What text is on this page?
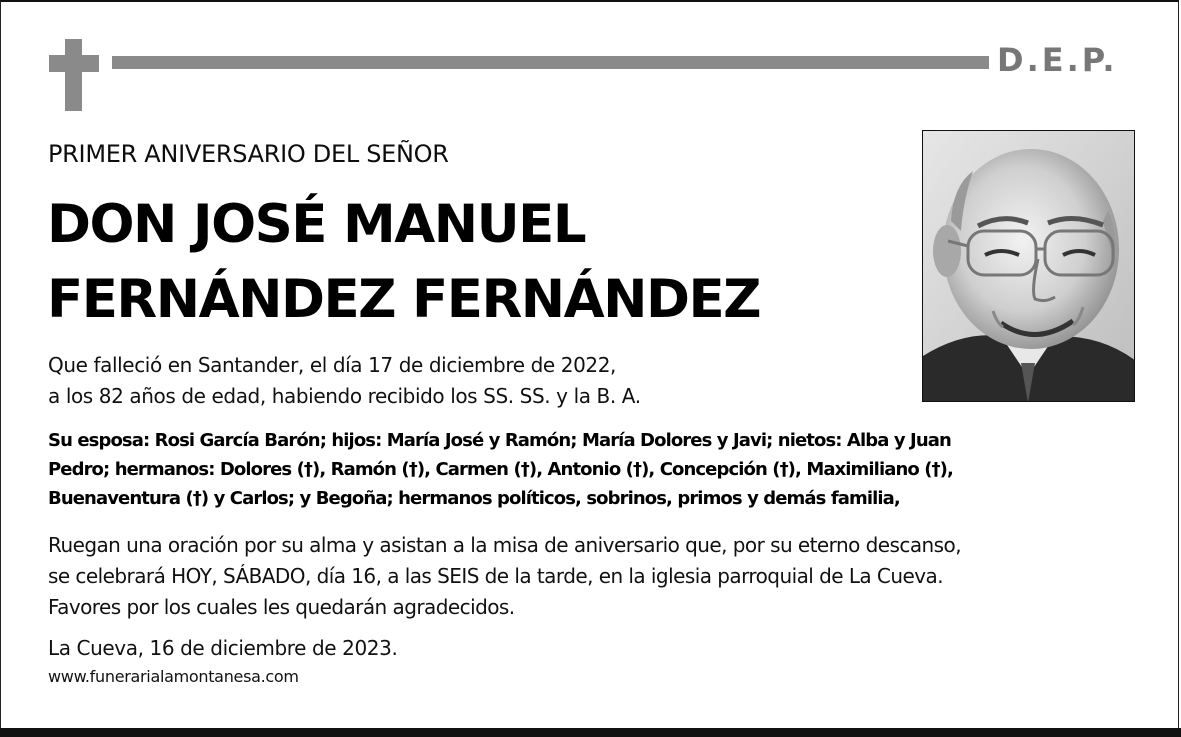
D.E.P.
PRIMER ANIVERSARIO DEL SEÑOR
DON JOSÉ MANUEL
FERNÁNDEZ FERNÁNDEZ
Que falleció en Santander, el día 17 de diciembre de 2022,
a los 82 años de edad, habiendo recibido los SS. SS. y la B. A.
Su esposa: Rosi García Barón; hijos: María José y Ramón; María Dolores y Javi; nietos: Alba y Juan
Pedro; hermanos: Dolores (†), Ramón (†), Carmen (†), Antonio (†), Concepción (†), Maximiliano (†),
Buenaventura (†) y Carlos; y Begoña; hermanos políticos, sobrinos, primos y demás familia,
Ruegan una oración por su alma y asistan a la misa de aniversario que, por su eterno descanso,
se celebrará HOY, SÁBADO, día 16, a las SEIS de la tarde, en la iglesia parroquial de La Cueva.
Favores por los cuales les quedarán agradecidos.
La Cueva, 16 de diciembre de 2023.
www.funerarialamontanesa.com
